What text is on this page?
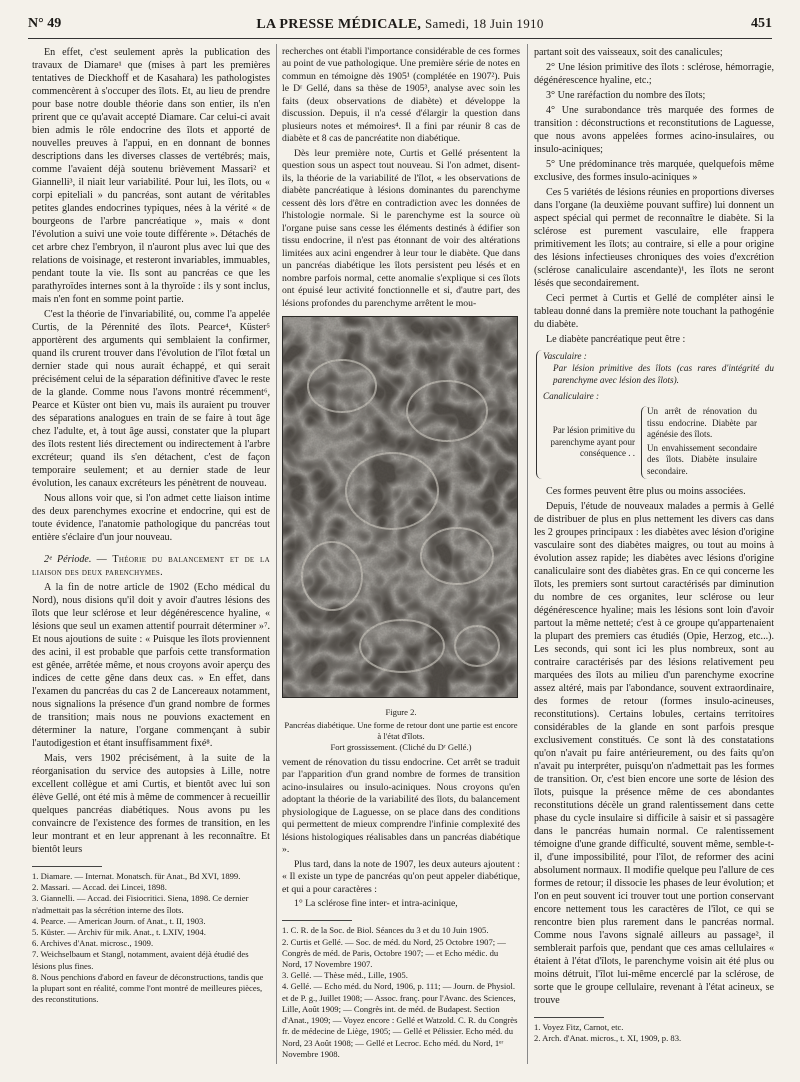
N° 49	LA PRESSE MÉDICALE, Samedi, 18 Juin 1910	451

En effet, c'est seulement après la publication des travaux de Diamare¹ que (mises à part les premières tentatives de Dieckhoff et de Kasahara) les pathologistes commencèrent à s'occuper des îlots. Et, au lieu de prendre pour base notre double théorie dans son entier, ils n'en prirent que ce qu'avait accepté Diamare. Car celui-ci avait bien admis le rôle endocrine des îlots et apporté de nouvelles preuves à l'appui, en en donnant de bonnes descriptions dans les diverses classes de vertébrés; mais, comme l'avaient déjà soutenu brièvement Massari² et Giannelli³, il niait leur variabilité. Pour lui, les îlots, ou « corpi epiteliali » du pancréas, sont autant de véritables petites glandes endocrines typiques, nées à la vérité « de bourgeons de l'arbre pancréatique », mais « dont l'évolution a suivi une voie toute différente ». Détachés de cet arbre chez l'embryon, il n'auront plus avec lui que des relations de voisinage, et resteront invariables, immuables, pendant toute la vie. Ils sont au pancréas ce que les parathyroïdes internes sont à la thyroïde : ils y sont inclus, mais n'en font en somme point partie.

C'est la théorie de l'invariabilité, ou, comme l'a appelée Curtis, de la Pérennité des îlots. Pearce⁴, Küster⁵ apportèrent des arguments qui semblaient la confirmer, quand ils crurent trouver dans l'évolution de l'îlot fœtal un dernier stade qui nous aurait échappé, et qui serait précisément celui de la séparation définitive d'avec le reste de la glande. Comme nous l'avons montré récemment⁶, Pearce et Küster ont bien vu, mais ils auraient pu trouver des séparations analogues en train de se faire à tout âge chez l'adulte, et, à tout âge aussi, constater que la plupart des îlots restent liés directement ou indirectement à l'arbre excréteur; quand ils s'en détachent, c'est de façon temporaire seulement; et au dernier stade de leur évolution, les canaux excréteurs les pénètrent de nouveau.

Nous allons voir que, si l'on admet cette liaison intime des deux parenchymes exocrine et endocrine, qui est de toute évidence, l'anatomie pathologique du pancréas tout entière s'éclaire d'un jour nouveau.

2ᵉ Période. — Théorie du balancement et de la liaison des deux parenchymes.

A la fin de notre article de 1902 (Echo médical du Nord), nous disions qu'il doit y avoir d'autres lésions des îlots que leur sclérose et leur dégénérescence hyaline, « lésions que seul un examen attentif pourrait déterminer »⁷. Et nous ajoutions de suite : « Puisque les îlots proviennent des acini, il est probable que parfois cette transformation est gênée, arrêtée même, et nous croyons avoir aperçu des indices de cette gêne dans deux cas. » En effet, dans l'examen du pancréas du cas 2 de Lancereaux notamment, nous signalions la présence d'un grand nombre de formes de transition; mais nous ne pouvions exactement en déterminer la nature, l'organe commençant à subir l'autodigestion et étant insuffisamment fixé⁸.

Mais, vers 1902 précisément, à la suite de la réorganisation du service des autopsies à Lille, notre excellent collègue et ami Curtis, et bientôt avec lui son élève Gellé, ont été mis à même de commencer à recueillir quelques pancréas diabétiques. Nous avons pu les convaincre de l'existence des formes de transition, en les leur montrant et en leur apprenant à les reconnaître. Et bientôt leurs

1. Diamare. — Internat. Monatsch. für Anat., Bd XVI, 1899.
2. Massari. — Accad. dei Lincei, 1898.
3. Giannelli. — Accad. dei Fisiocritici. Siena, 1898. Ce dernier n'admettait pas la sécrétion interne des îlots.
4. Pearce. — American Journ. of Anat., t. II, 1903.
5. Küster. — Archiv für mik. Anat., t. LXIV, 1904.
6. Archives d'Anat. microsc., 1909.
7. Weichselbaum et Stangl, notamment, avaient déjà étudié des lésions plus fines.
8. Nous penchions d'abord en faveur de déconstructions, tandis que la plupart sont en réalité, comme l'ont montré de meilleures pièces, des reconstitutions.

recherches ont établi l'importance considérable de ces formes au point de vue pathologique. Une première série de notes en commun en témoigne dès 1905¹ (complétée en 1907²). Puis le Dʳ Gellé, dans sa thèse de 1905³, analyse avec soin les faits (deux observations de diabète) et développe la discussion. Depuis, il n'a cessé d'élargir la question dans plusieurs notes et mémoires⁴. Il a fini par réunir 8 cas de diabète et 8 cas de pancréatite non diabétique.

Dès leur première note, Curtis et Gellé présentent la question sous un aspect tout nouveau. Si l'on admet, disent-ils, la théorie de la variabilité de l'îlot, « les observations de diabète pancréatique à lésions dominantes du parenchyme cessent dès lors d'être en contradiction avec les données de l'histologie normale. Si le parenchyme est la source où l'organe puise sans cesse les éléments destinés à édifier son tissu endocrine, il n'est pas étonnant de voir des altérations limitées aux acini engendrer à leur tour le diabète. Que dans un pancréas diabétique les îlots persistent peu lésés et en nombre parfois normal, cette anomalie s'explique si ces îlots ont épuisé leur activité fonctionnelle et si, d'autre part, des lésions profondes du parenchyme arrêtent le mou-

Figure 2.
Pancréas diabétique. Une forme de retour dont une partie est encore à l'état d'îlots.
Fort grossissement. (Cliché du Dʳ Gellé.)

vement de rénovation du tissu endocrine. Cet arrêt se traduit par l'apparition d'un grand nombre de formes de transition acino-insulaires ou insulo-aciniques. Nous croyons qu'en adoptant la théorie de la variabilité des îlots, du balancement physiologique de Laguesse, on se place dans des conditions qui permettent de mieux comprendre l'infinie complexité des lésions histologiques réalisables dans un pancréas diabétique ».

Plus tard, dans la note de 1907, les deux auteurs ajoutent : « Il existe un type de pancréas qu'on peut appeler diabétique, et qui a pour caractères :

1° La sclérose fine inter- et intra-acinique,

1. C. R. de la Soc. de Biol. Séances du 3 et du 10 Juin 1905.
2. Curtis et Gellé. — Soc. de méd. du Nord, 25 Octobre 1907; — Congrès de méd. de Paris, Octobre 1907; — et Echo médic. du Nord, 17 Novembre 1907.
3. Gellé. — Thèse méd., Lille, 1905.
4. Gellé. — Echo méd. du Nord, 1906, p. 111; — Journ. de Physiol. et de P. g., Juillet 1908; — Assoc. franç. pour l'Avanc. des Sciences, Lille, Août 1909; — Congrès int. de méd. de Budapest. Section d'Anat., 1909; — Voyez encore : Gellé et Watzold. C. R. du Congrès fr. de médecine de Liège, 1905; — Gellé et Pélissier. Echo méd. du Nord, 23 Août 1908; — Gellé et Lecroc. Echo méd. du Nord, 1ᵉʳ Novembre 1908.

partant soit des vaisseaux, soit des canalicules;

2° Une lésion primitive des îlots : sclérose, hémorragie, dégénérescence hyaline, etc.;

3° Une raréfaction du nombre des îlots;

4° Une surabondance très marquée des formes de transition : déconstructions et reconstitutions de Laguesse, que nous avons appelées formes acino-insulaires, ou insulo-aciniques;

5° Une prédominance très marquée, quelquefois même exclusive, des formes insulo-aciniques »

Ces 5 variétés de lésions réunies en proportions diverses dans l'organe (la deuxième pouvant suffire) lui donnent un aspect spécial qui permet de reconnaître le diabète. Si la sclérose est purement vasculaire, elle frappera primitivement les îlots; au contraire, si elle a pour origine des lésions infectieuses chroniques des voies d'excrétion (sclérose canaliculaire ascendante)¹, les îlots ne seront lésés que secondairement.

Ceci permet à Curtis et Gellé de compléter ainsi le tableau donné dans la première note touchant la pathogénie du diabète.

Le diabète pancréatique peut être :

Vasculaire :
Par lésion primitive des îlots (cas rares d'intégrité du parenchyme avec lésion des îlots).
Canaliculaire :
Par lésion primitive du parenchyme ayant pour conséquence . .
Un arrêt de rénovation du tissu endocrine. Diabète par agénésie des îlots.
Un envahissement secondaire des îlots. Diabète insulaire secondaire.

Ces formes peuvent être plus ou moins associées.

Depuis, l'étude de nouveaux malades a permis à Gellé de distribuer de plus en plus nettement les divers cas dans les 2 groupes principaux : les diabètes avec lésion d'origine vasculaire sont des diabètes maigres, ou tout au moins à évolution assez rapide; les diabètes avec lésions d'origine canaliculaire sont des diabètes gras. En ce qui concerne les îlots, les premiers sont surtout caractérisés par diminution du nombre de ces organites, leur sclérose ou leur dégénérescence hyaline; mais les lésions sont loin d'avoir partout la même netteté; c'est à ce groupe qu'appartenaient la plupart des premiers cas étudiés (Opie, Herzog, etc...). Les seconds, qui sont ici les plus nombreux, sont au contraire caractérisés par des lésions relativement peu marquées des îlots au milieu d'un parenchyme exocrine assez altéré, mais par l'abondance, souvent extraordinaire, des formes de retour (formes insulo-acineuses, reconstitutions). Certains lobules, certains territoires considérables de la glande en sont parfois presque exclusivement constitués. Ce sont là des constatations qu'on n'avait pu faire antérieurement, ou des faits qu'on n'avait pu interpréter, puisqu'on n'admettait pas les formes de transition. Or, c'est bien encore une sorte de lésion des îlots, puisque la présence même de ces abondantes reconstitutions décèle un grand ralentissement dans cette phase du cycle insulaire si difficile à saisir et si passagère dans le pancréas humain normal. Ce ralentissement témoigne d'une grande difficulté, souvent même, semble-t-il, d'une impossibilité, pour l'îlot, de reformer des acini absolument normaux. Il modifie quelque peu l'allure de ces formes de retour; il dissocie les phases de leur évolution; et l'on en peut souvent ici trouver tout une portion conservant encore nettement tous les caractères de l'îlot, ce qui se rencontre bien plus rarement dans le pancréas normal. Comme nous l'avons signalé ailleurs au passage², il semblerait parfois que, pendant que ces amas cellulaires « étaient à l'état d'îlots, le parenchyme voisin ait été plus ou moins détruit, l'îlot lui-même encerclé par la sclérose, de sorte que le groupe cellulaire, revenant à l'état acineux, se trouve

1. Voyez Fitz, Carnot, etc.
2. Arch. d'Anat. micros., t. XI, 1909, p. 83.
